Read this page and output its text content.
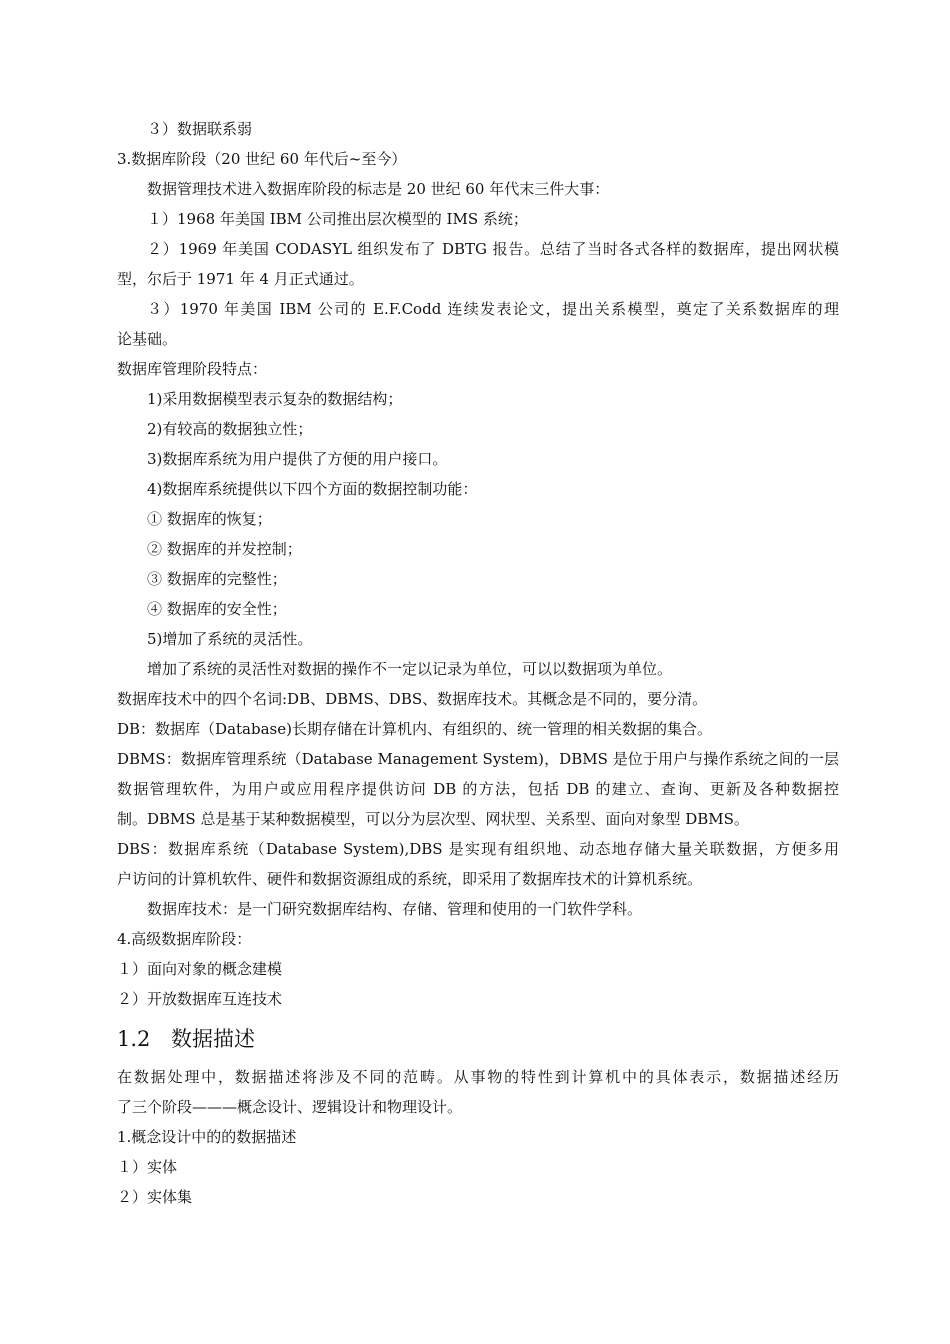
３）数据联系弱
3.数据库阶段（20 世纪 60 年代后~至今）
数据管理技术进入数据库阶段的标志是 20 世纪 60 年代末三件大事：
１）1968 年美国 IBM 公司推出层次模型的 IMS 系统；
２）1969 年美国 CODASYL 组织发布了 DBTG 报告。总结了当时各式各样的数据库，提出网状模
型，尔后于 1971 年 4 月正式通过。
３）1970 年美国 IBM 公司的 E.F.Codd 连续发表论文，提出关系模型，奠定了关系数据库的理
论基础。
数据库管理阶段特点：
1)采用数据模型表示复杂的数据结构；
2)有较高的数据独立性；
3)数据库系统为用户提供了方便的用户接口。
4)数据库系统提供以下四个方面的数据控制功能：
① 数据库的恢复；
② 数据库的并发控制；
③ 数据库的完整性；
④ 数据库的安全性；
5)增加了系统的灵活性。
增加了系统的灵活性对数据的操作不一定以记录为单位，可以以数据项为单位。
数据库技术中的四个名词:DB、DBMS、DBS、数据库技术。其概念是不同的，要分清。
DB：数据库（Database)长期存储在计算机内、有组织的、统一管理的相关数据的集合。
DBMS：数据库管理系统（Database Management System)，DBMS 是位于用户与操作系统之间的一层
数据管理软件，为用户或应用程序提供访问 DB 的方法，包括 DB 的建立、查询、更新及各种数据控
制。DBMS 总是基于某种数据模型，可以分为层次型、网状型、关系型、面向对象型 DBMS。
DBS：数据库系统（Database System),DBS 是实现有组织地、动态地存储大量关联数据，方便多用
户访问的计算机软件、硬件和数据资源组成的系统，即采用了数据库技术的计算机系统。
数据库技术：是一门研究数据库结构、存储、管理和使用的一门软件学科。
4.高级数据库阶段：
１）面向对象的概念建模
２）开放数据库互连技术
1.2 数据描述
在数据处理中，数据描述将涉及不同的范畴。从事物的特性到计算机中的具体表示，数据描述经历
了三个阶段———概念设计、逻辑设计和物理设计。
1.概念设计中的的数据描述
１）实体
２）实体集
